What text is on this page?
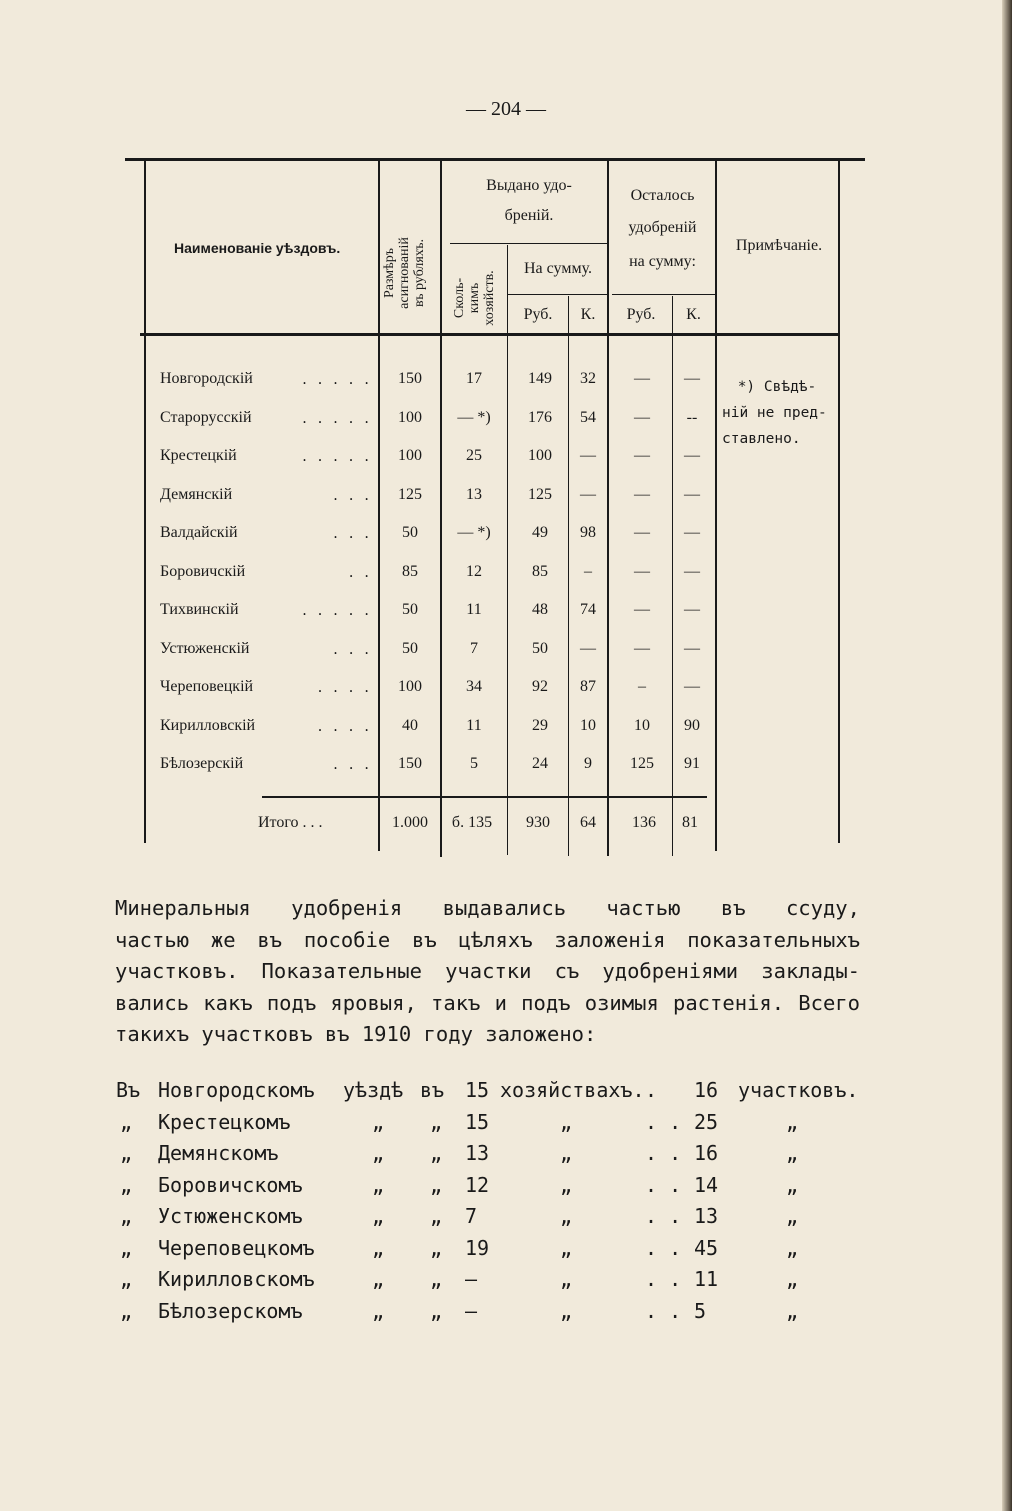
— 204 —
Наименованіе уѣздовъ.	Размѣръ асигнованій въ рубляхъ.
Выдано удо-
бреній.
Сколь- кимъ хозяйств.
На сумму.
Руб.	К.
Осталось
удобреній
на сумму:
Руб.	К.
Примѣчаніе.
Новгородскій	. . . . .	150	17	149	32	—	—
Старорусскій	. . . . .	100	— *)	176	54	—	--
Крестецкій	. . . . .	100	25	100	—	—	—
Демянскій	. . .	125	13	125	—	—	—
Валдайскій	. . .	50	— *)	49	98	—	—
Боровичскій	. .	85	12	85	–	—	—
Тихвинскій	. . . . .	50	11	48	74	—	—
Устюженскій	. . .	50	7	50	—	—	—
Череповецкій	. . . .	100	34	92	87	–	—
Кирилловскій	. . . .	40	11	29	10	10	90
Бѣлозерскій	. . .	150	5	24	9	125	91
*) Свѣдѣ-
ній не пред-
ставлено.
Итого . . .	1.000	б. 135	930	64	136	81
Минеральныя удобренія выдавались частью въ ссуду,
частью же въ пособіе въ цѣляхъ заложенія показательныхъ
участковъ. Показательные участки съ удобреніями заклады-
вались какъ подъ яровыя, такъ и подъ озимыя растенія. Всего
такихъ участковъ въ 1910 году заложено:
Въ Новгородскомъ уѣздѣ въ 15 хозяйствахъ. . 16 участковъ.
„ Крестецкомъ	„ „ 15	„	. . 25	„
„ Демянскомъ	„ „ 13	„	. . 16	„
„ Боровичскомъ	„ „ 12	„	. . 14	„
„ Устюженскомъ	„ „ 7	„	. . 13	„
„ Череповецкомъ	„ „ 19	„	. . 45	„
„ Кирилловскомъ	„ „ —	„	. . 11	„
„ Бѣлозерскомъ	„ „ —	„	. . 5	„
